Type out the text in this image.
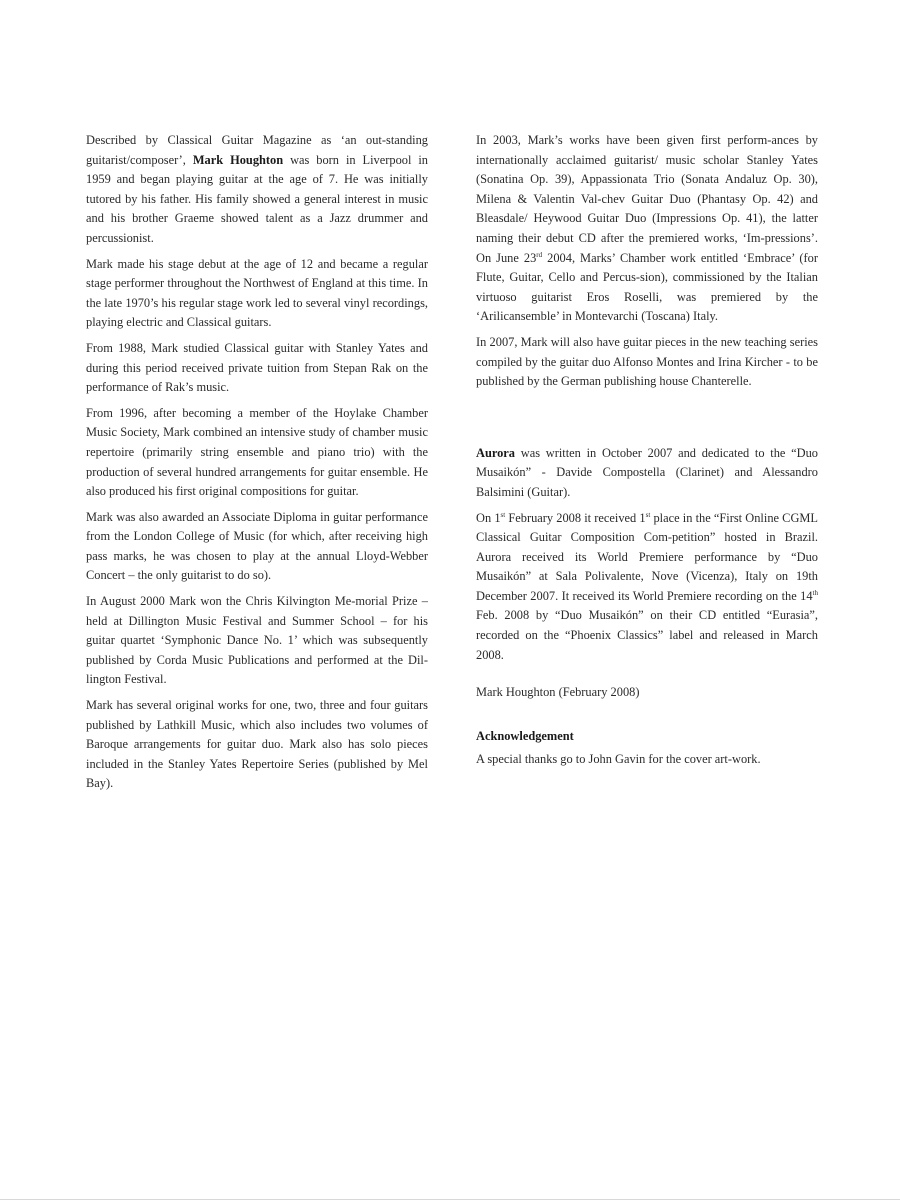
Described by Classical Guitar Magazine as ‘an out-standing guitarist/composer’, Mark Houghton was born in Liverpool in 1959 and began playing guitar at the age of 7. He was initially tutored by his father. His family showed a general interest in music and his brother Graeme showed talent as a Jazz drummer and percussionist.

Mark made his stage debut at the age of 12 and became a regular stage performer throughout the Northwest of England at this time. In the late 1970’s his regular stage work led to several vinyl recordings, playing electric and Classical guitars.

From 1988, Mark studied Classical guitar with Stanley Yates and during this period received private tuition from Stepan Rak on the performance of Rak’s music.

From 1996, after becoming a member of the Hoylake Chamber Music Society, Mark combined an intensive study of chamber music repertoire (primarily string ensemble and piano trio) with the production of several hundred arrangements for guitar ensemble. He also produced his first original compositions for guitar.

Mark was also awarded an Associate Diploma in guitar performance from the London College of Music (for which, after receiving high pass marks, he was chosen to play at the annual Lloyd-Webber Concert – the only guitarist to do so).

In August 2000 Mark won the Chris Kilvington Me-morial Prize – held at Dillington Music Festival and Summer School – for his guitar quartet ‘Symphonic Dance No. 1’ which was subsequently published by Corda Music Publications and performed at the Dil-lington Festival.

Mark has several original works for one, two, three and four guitars published by Lathkill Music, which also includes two volumes of Baroque arrangements for guitar duo. Mark also has solo pieces included in the Stanley Yates Repertoire Series (published by Mel Bay).

In 2003, Mark’s works have been given first perform-ances by internationally acclaimed guitarist/ music scholar Stanley Yates (Sonatina Op. 39), Appassionata Trio (Sonata Andaluz Op. 30), Milena & Valentin Val-chev Guitar Duo (Phantasy Op. 42) and Bleasdale/ Heywood Guitar Duo (Impressions Op. 41), the latter naming their debut CD after the premiered works, ‘Im-pressions’. On June 23rd 2004, Marks’ Chamber work entitled ‘Embrace’ (for Flute, Guitar, Cello and Percus-sion), commissioned by the Italian virtuoso guitarist Eros Roselli, was premiered by the ‘Arilicansemble’ in Montevarchi (Toscana) Italy.

In 2007, Mark will also have guitar pieces in the new teaching series compiled by the guitar duo Alfonso Montes and Irina Kircher - to be published by the German publishing house Chanterelle.

Aurora was written in October 2007 and dedicated to the “Duo Musaikón” - Davide Compostella (Clarinet) and Alessandro Balsimini (Guitar).

On 1st February 2008 it received 1st place in the “First Online CGML Classical Guitar Composition Com-petition” hosted in Brazil. Aurora received its World Premiere performance by “Duo Musaikón” at Sala Polivalente, Nove (Vicenza), Italy on 19th December 2007. It received its World Premiere recording on the 14th Feb. 2008 by “Duo Musaikón” on their CD entitled “Eurasia”, recorded on the “Phoenix Classics” label and released in March 2008.

Mark Houghton (February 2008)

Acknowledgement

A special thanks go to John Gavin for the cover art-work.
